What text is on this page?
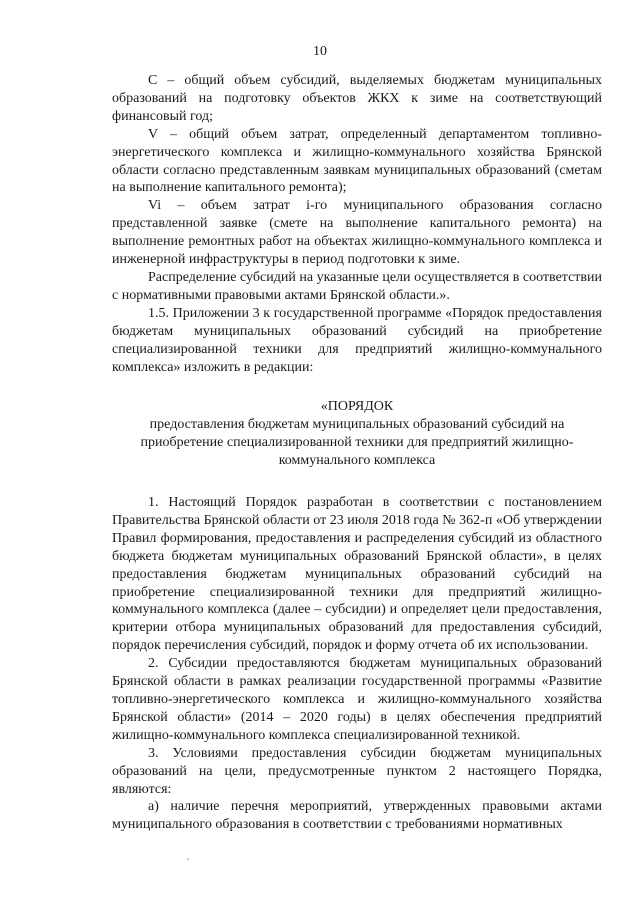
10

С – общий объем субсидий, выделяемых бюджетам муниципальных образований на подготовку объектов ЖКХ к зиме на соответствующий финансовый год;

V – общий объем затрат, определенный департаментом топливно-энергетического комплекса и жилищно-коммунального хозяйства Брянской области согласно представленным заявкам муниципальных образований (сметам на выполнение капитального ремонта);

Vi – объем затрат i-го муниципального образования согласно представленной заявке (смете на выполнение капитального ремонта) на выполнение ремонтных работ на объектах жилищно-коммунального комплекса и инженерной инфраструктуры в период подготовки к зиме.

Распределение субсидий на указанные цели осуществляется в соответствии с нормативными правовыми актами Брянской области.».

1.5. Приложении 3 к государственной программе «Порядок предоставления бюджетам муниципальных образований субсидий на приобретение специализированной техники для предприятий жилищно-коммунального комплекса» изложить в редакции:

«ПОРЯДОК
предоставления бюджетам муниципальных образований субсидий на приобретение специализированной техники для предприятий жилищно-коммунального комплекса

1. Настоящий Порядок разработан в соответствии с постановлением Правительства Брянской области от 23 июля 2018 года № 362-п «Об утверждении Правил формирования, предоставления и распределения субсидий из областного бюджета бюджетам муниципальных образований Брянской области», в целях предоставления бюджетам муниципальных образований субсидий на приобретение специализированной техники для предприятий жилищно-коммунального комплекса (далее – субсидии) и определяет цели предоставления, критерии отбора муниципальных образований для предоставления субсидий, порядок перечисления субсидий, порядок и форму отчета об их использовании.

2. Субсидии предоставляются бюджетам муниципальных образований Брянской области в рамках реализации государственной программы «Развитие топливно-энергетического комплекса и жилищно-коммунального хозяйства Брянской области» (2014 – 2020 годы) в целях обеспечения предприятий жилищно-коммунального комплекса специализированной техникой.

3. Условиями предоставления субсидии бюджетам муниципальных образований на цели, предусмотренные пунктом 2 настоящего Порядка, являются:

а) наличие перечня мероприятий, утвержденных правовыми актами муниципального образования в соответствии с требованиями нормативных
